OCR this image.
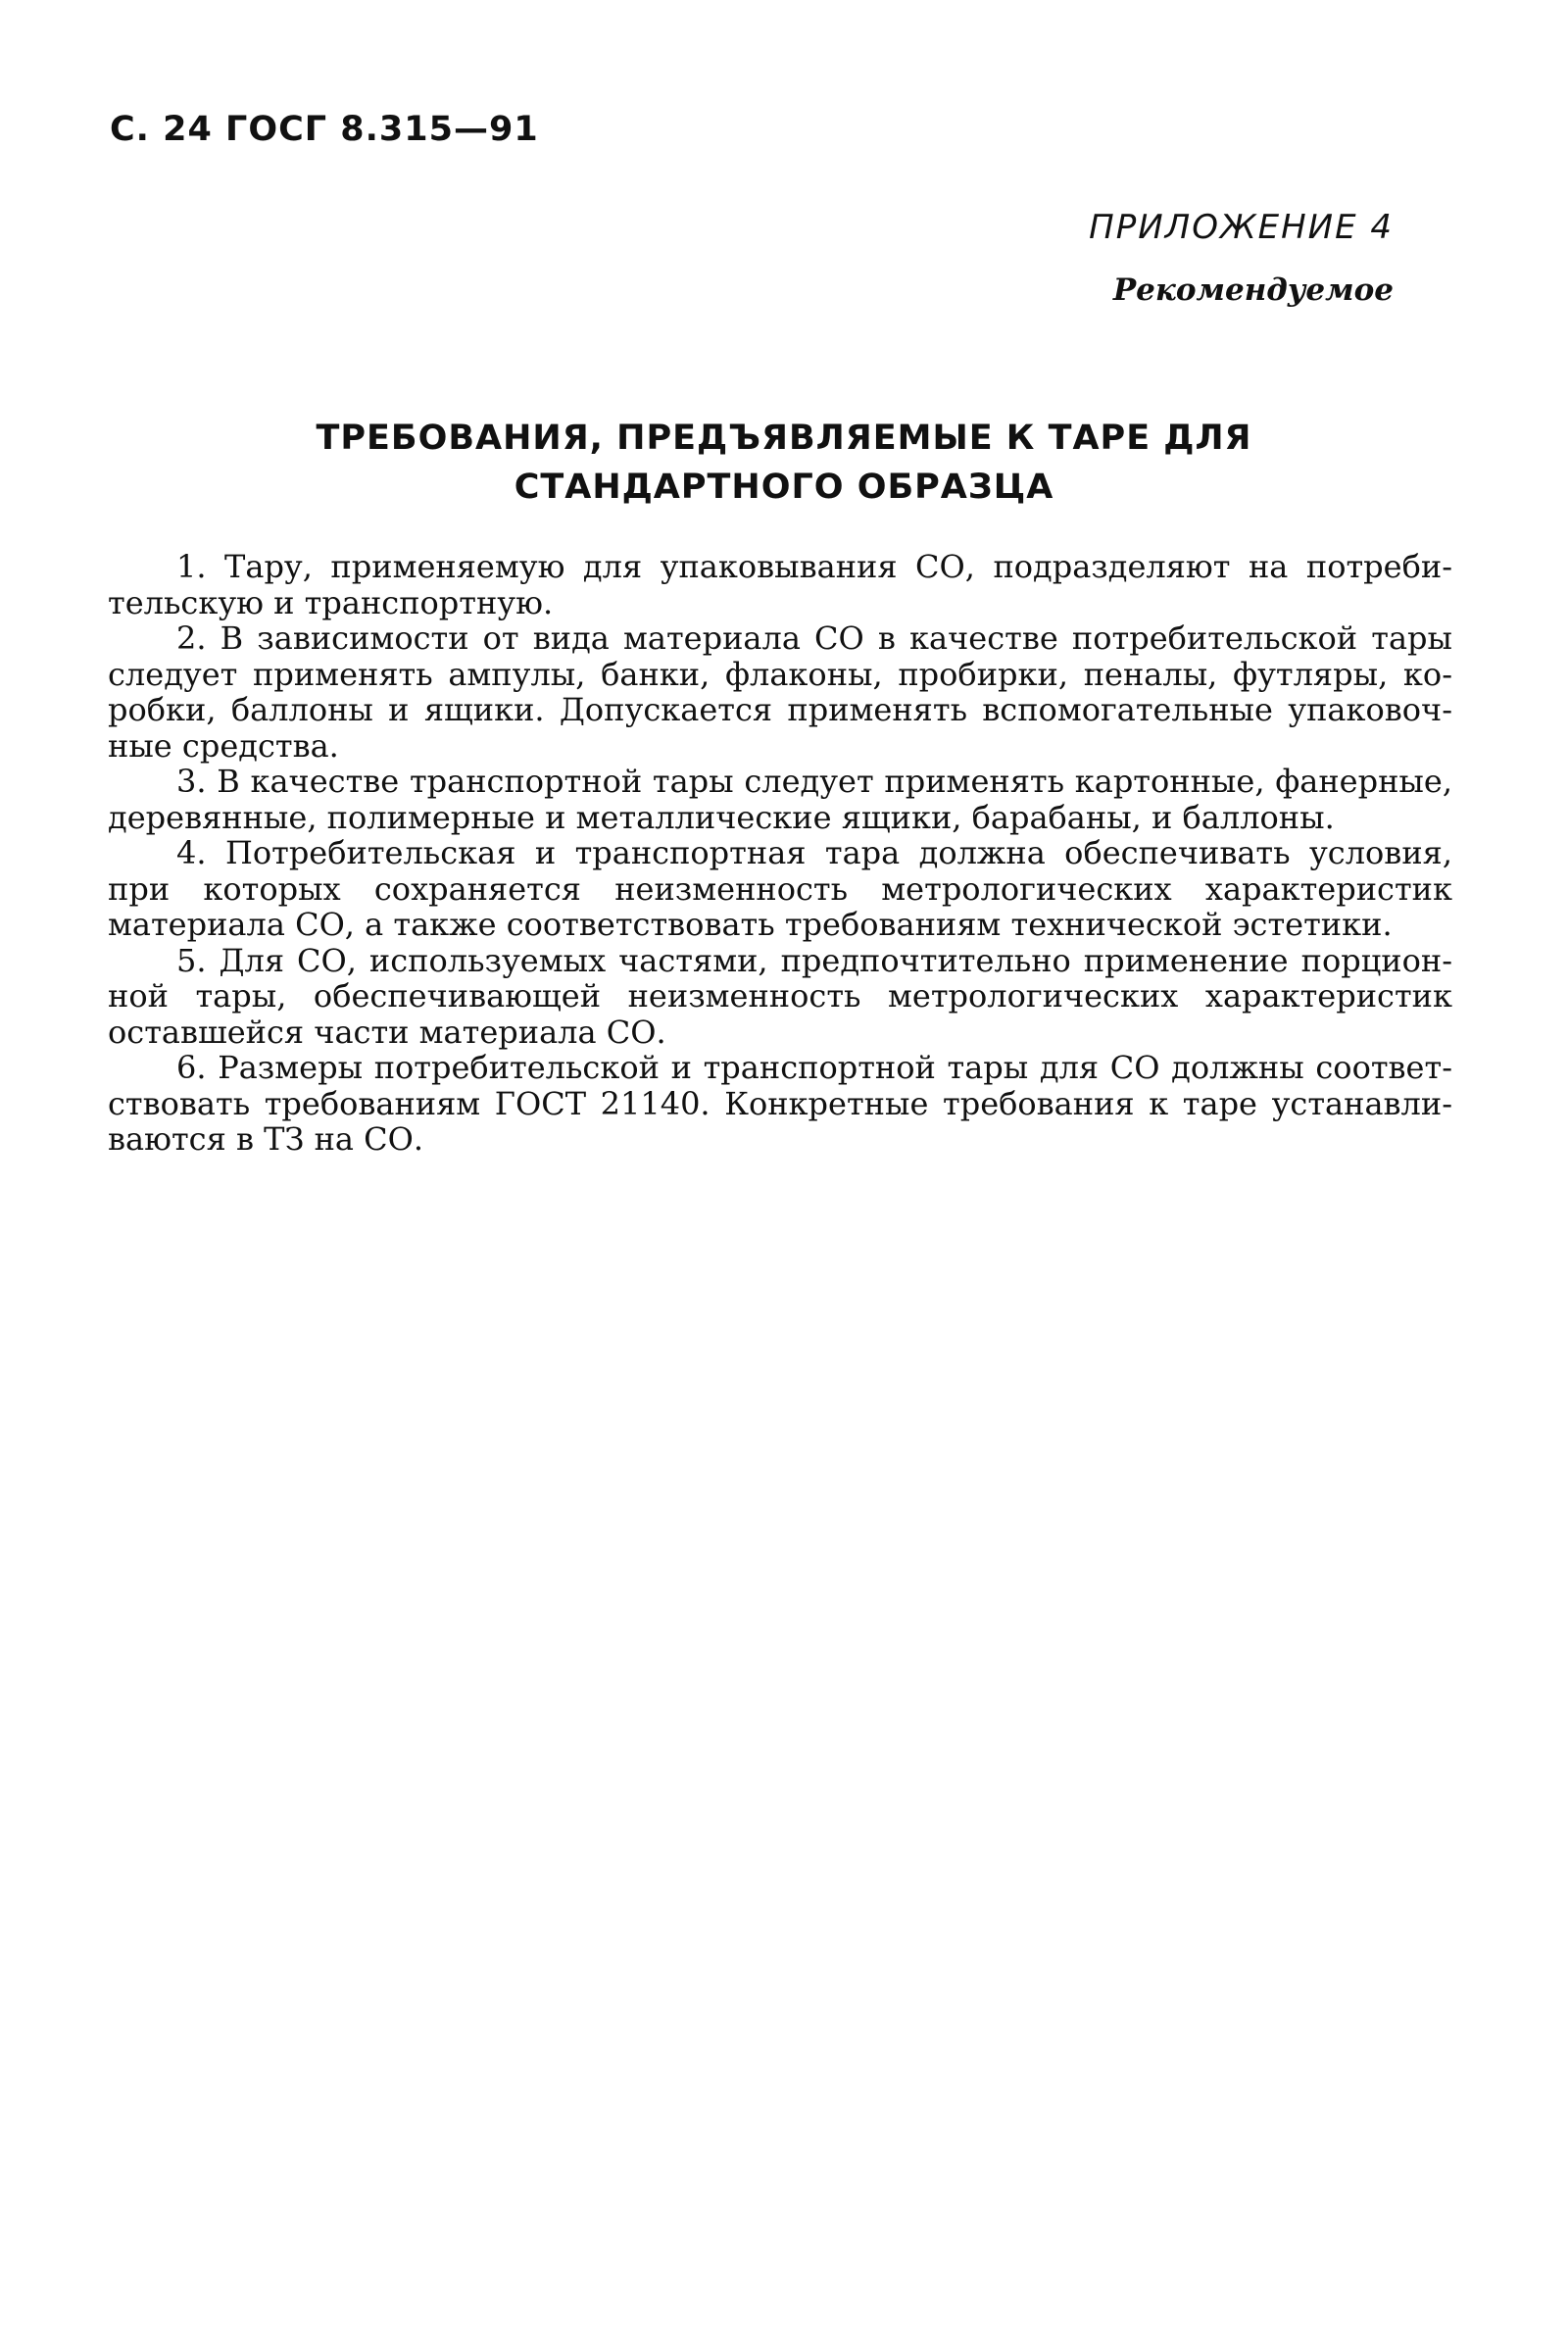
С. 24 ГОСГ 8.315—91
ПРИЛОЖЕНИЕ 4
Рекомендуемое
ТРЕБОВАНИЯ, ПРЕДЪЯВЛЯЕМЫЕ К ТАРЕ ДЛЯ
СТАНДАРТНОГО ОБРАЗЦА

1. Тару, применяемую для упаковывания СО, подразделяют на потребительскую и транспортную.

2. В зависимости от вида материала СО в качестве потребительской тары следует применять ампулы, банки, флаконы, пробирки, пеналы, футляры, коробки, баллоны и ящики. Допускается применять вспомогательные упаковочные средства.

3. В качестве транспортной тары следует применять картонные, фанерные, деревянные, полимерные и металлические ящики, барабаны, и баллоны.

4. Потребительская и транспортная тара должна обеспечивать условия, при которых сохраняется неизменность метрологических характеристик материала СО, а также соответствовать требованиям технической эстетики.

5. Для СО, используемых частями, предпочтительно применение порционной тары, обеспечивающей неизменность метрологических характеристик оставшейся части материала СО.

6. Размеры потребительской и транспортной тары для СО должны соответствовать требованиям ГОСТ 21140. Конкретные требования к таре устанавливаются в ТЗ на СО.
